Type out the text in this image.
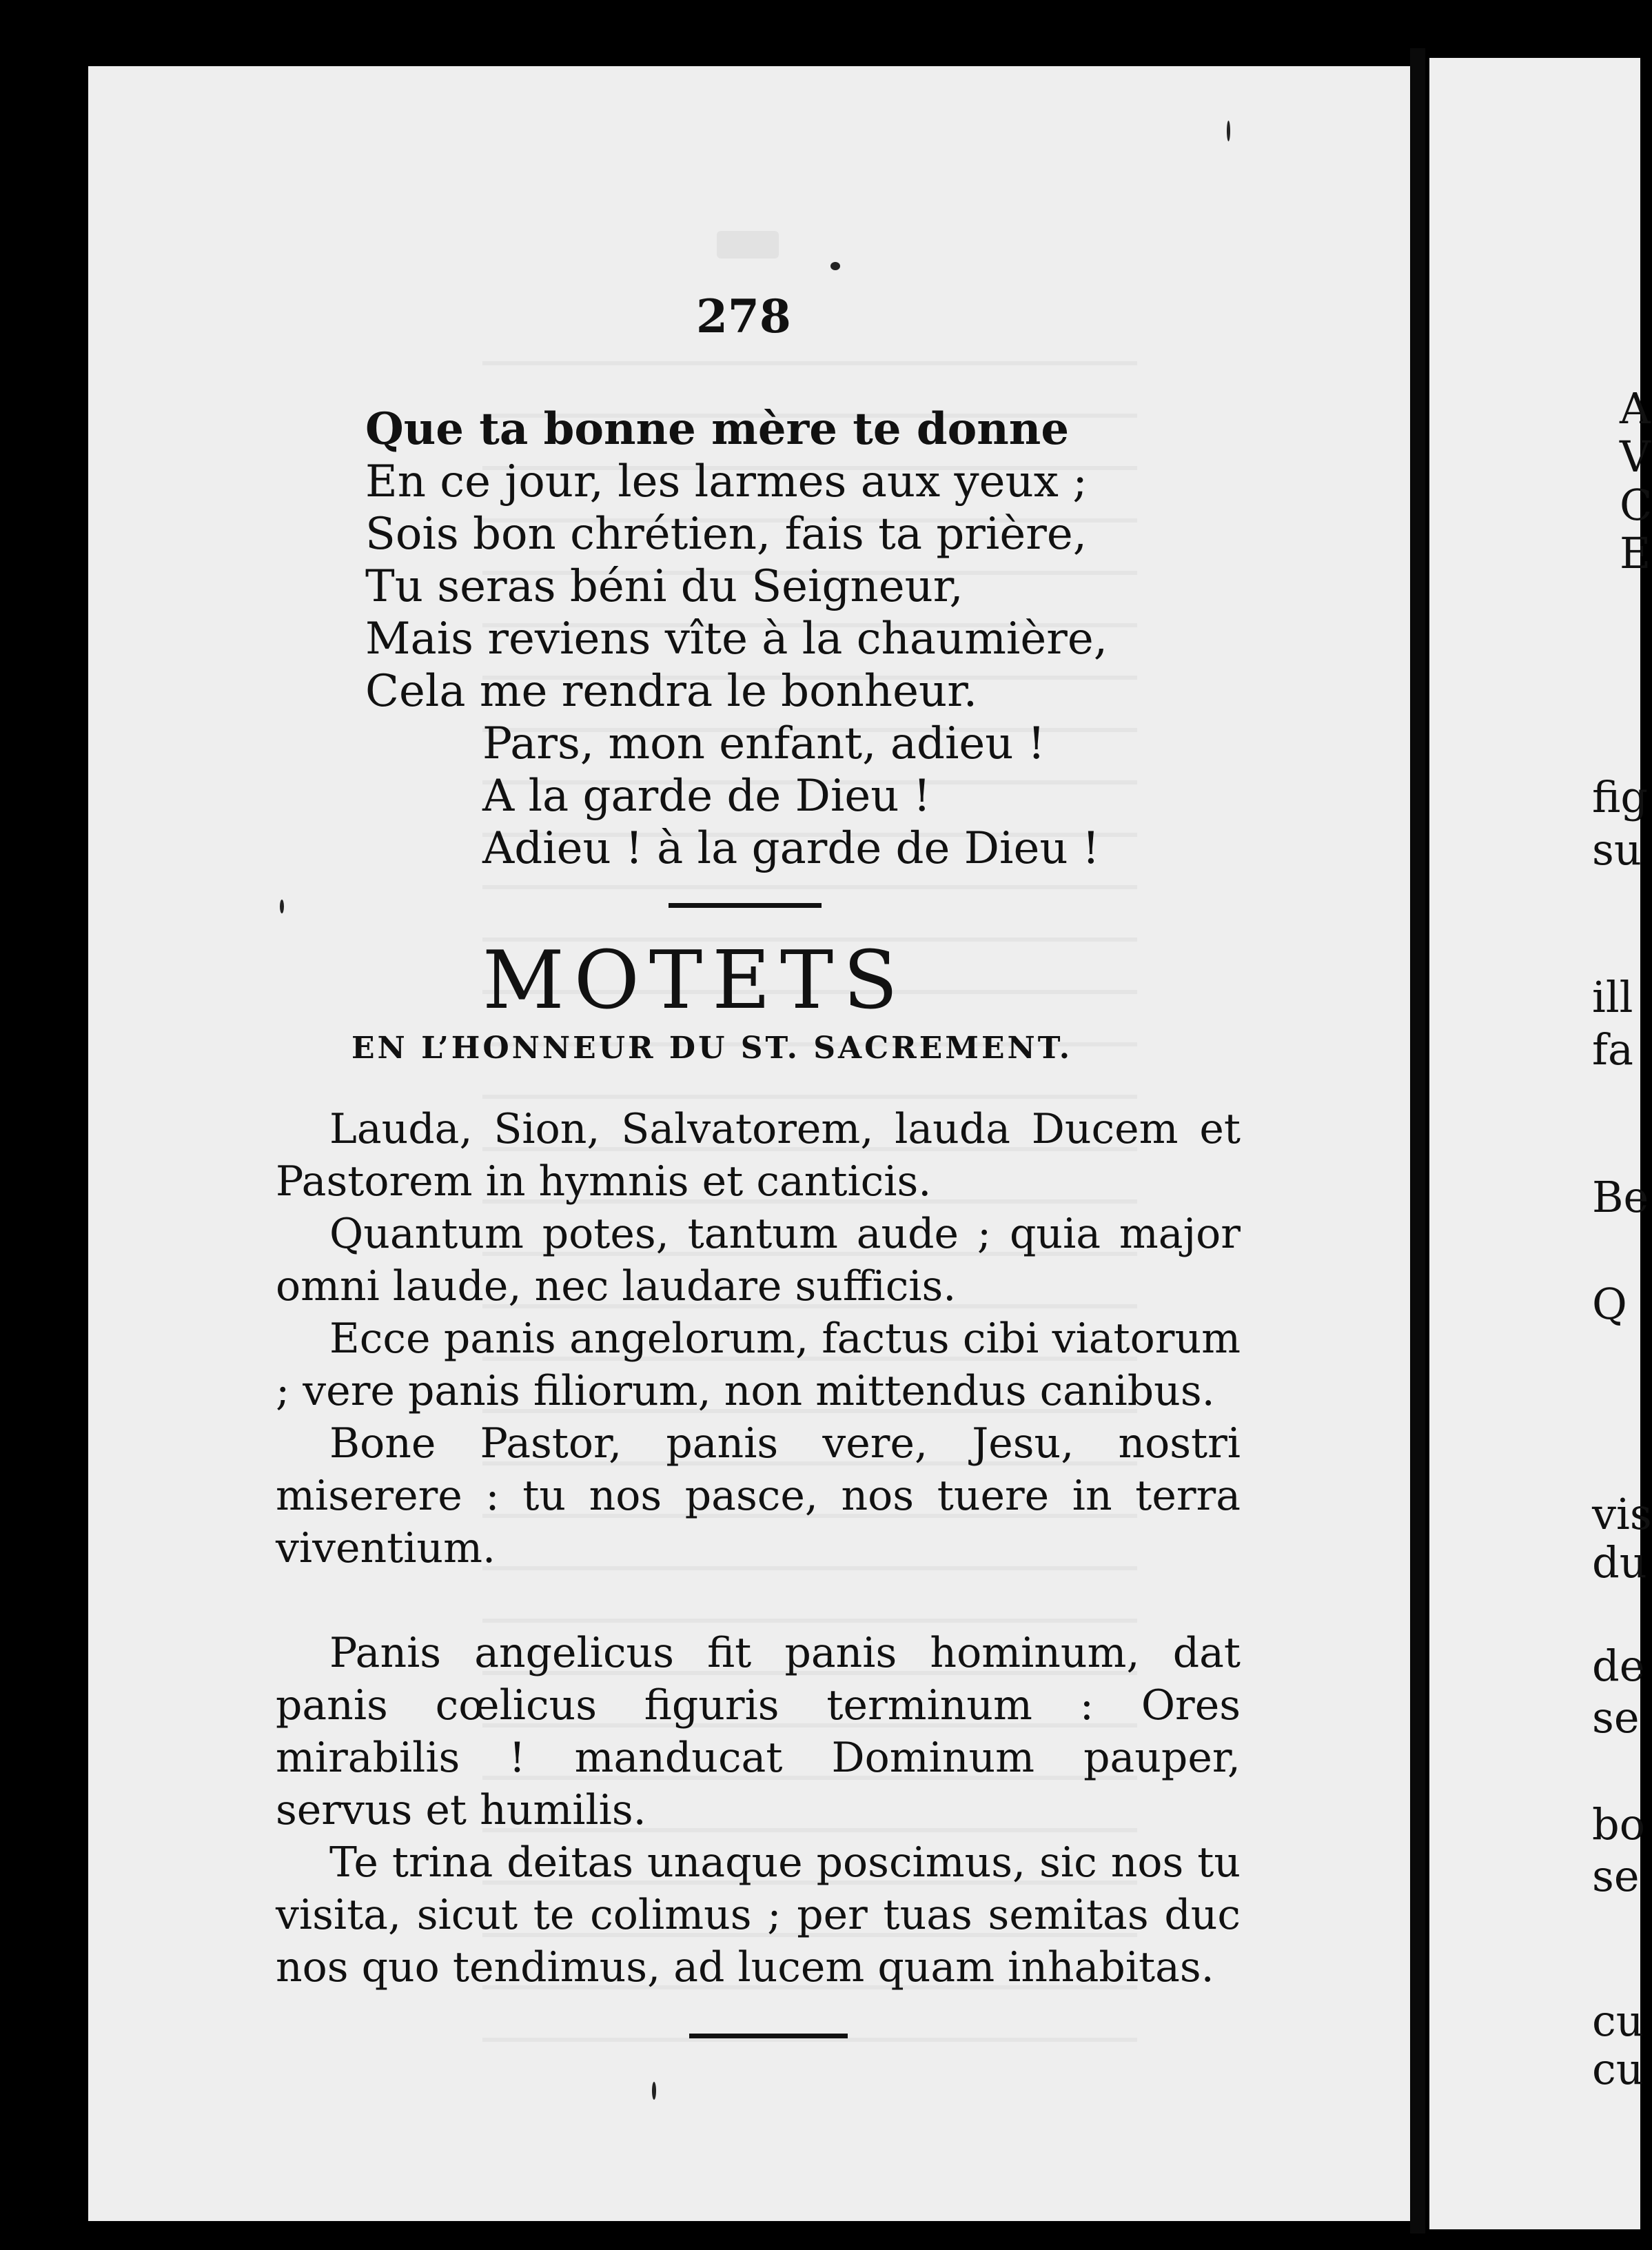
278
Que ta bonne mère te donne
En ce jour, les larmes aux yeux ;
Sois bon chrétien, fais ta prière,
Tu seras béni du Seigneur,
Mais reviens vîte à la chaumière,
Cela me rendra le bonheur.
Pars, mon enfant, adieu !
A la garde de Dieu !
Adieu ! à la garde de Dieu !
MOTETS
EN L’HONNEUR DU ST. SACREMENT.

Lauda, Sion, Salvatorem, lauda Ducem et Pastorem in hymnis et canticis.

Quantum potes, tantum aude ; quia major omni laude, nec laudare sufficis.

Ecce panis angelorum, factus cibi viatorum ; vere panis filiorum, non mittendus canibus.

Bone Pastor, panis vere, Jesu, nostri miserere : tu nos pasce, nos tuere in terra viventium.

Panis angelicus fit panis hominum, dat panis cœlicus figuris terminum : Ores mirabilis ! manducat Dominum pauper, servus et humilis.

Te trina deitas unaque poscimus, sic nos tu visita, sicut te colimus ; per tuas semitas duc nos quo tendimus, ad lucem quam inhabitas.

A
V
C
E
fig
su
ill
fa
Be
Q
vis
du
de
se
bo
se
cu
cu
